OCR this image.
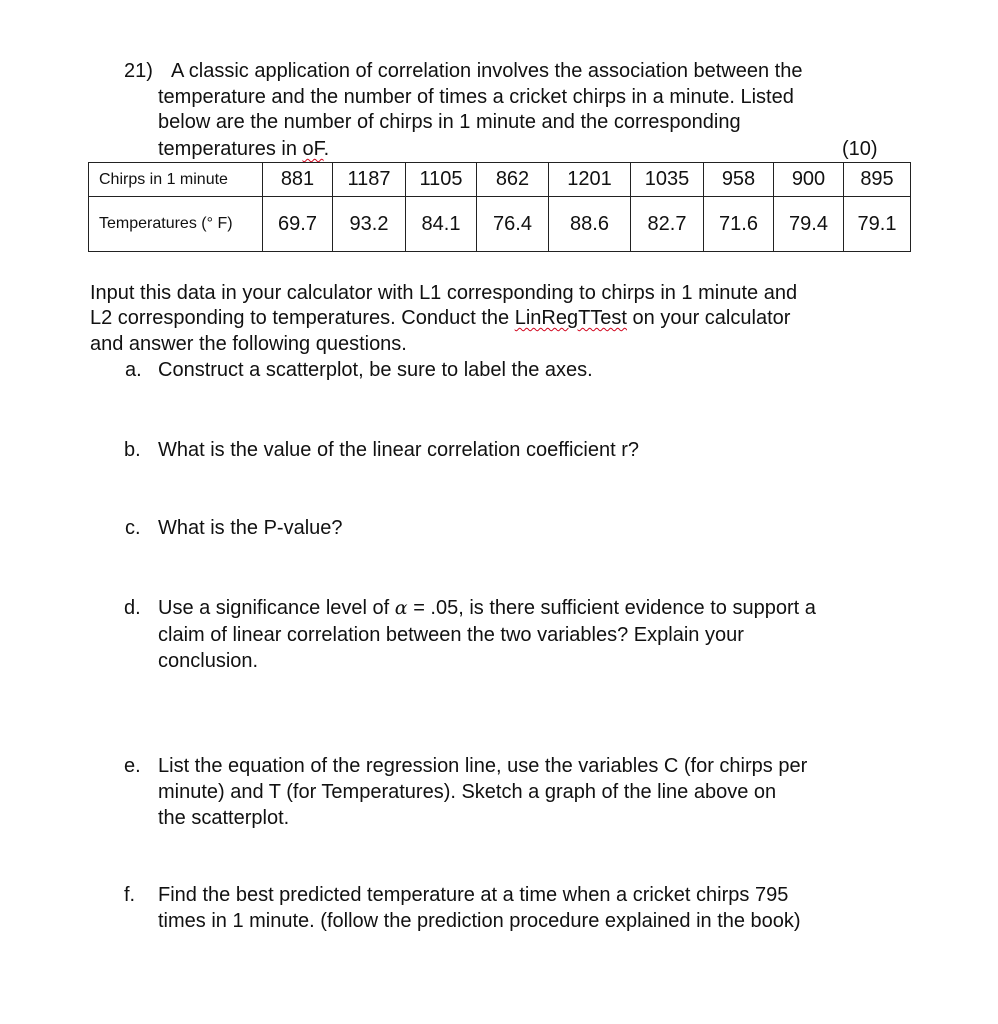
21) A classic application of correlation involves the association between the
temperature and the number of times a cricket chirps in a minute. Listed
below are the number of chirps in 1 minute and the corresponding
temperatures in oF.	(10)
Chirps in 1 minute	881	1187	1105	862	1201	1035	958	900	895
Temperatures (° F)	69.7	93.2	84.1	76.4	88.6	82.7	71.6	79.4	79.1
Input this data in your calculator with L1 corresponding to chirps in 1 minute and
L2 corresponding to temperatures. Conduct the LinRegTTest on your calculator
and answer the following questions.
a. Construct a scatterplot, be sure to label the axes.
b. What is the value of the linear correlation coefficient r?
c. What is the P-value?
d. Use a significance level of α = .05, is there sufficient evidence to support a
claim of linear correlation between the two variables? Explain your
conclusion.
e. List the equation of the regression line, use the variables C (for chirps per
minute) and T (for Temperatures). Sketch a graph of the line above on
the scatterplot.
f. Find the best predicted temperature at a time when a cricket chirps 795
times in 1 minute. (follow the prediction procedure explained in the book)
